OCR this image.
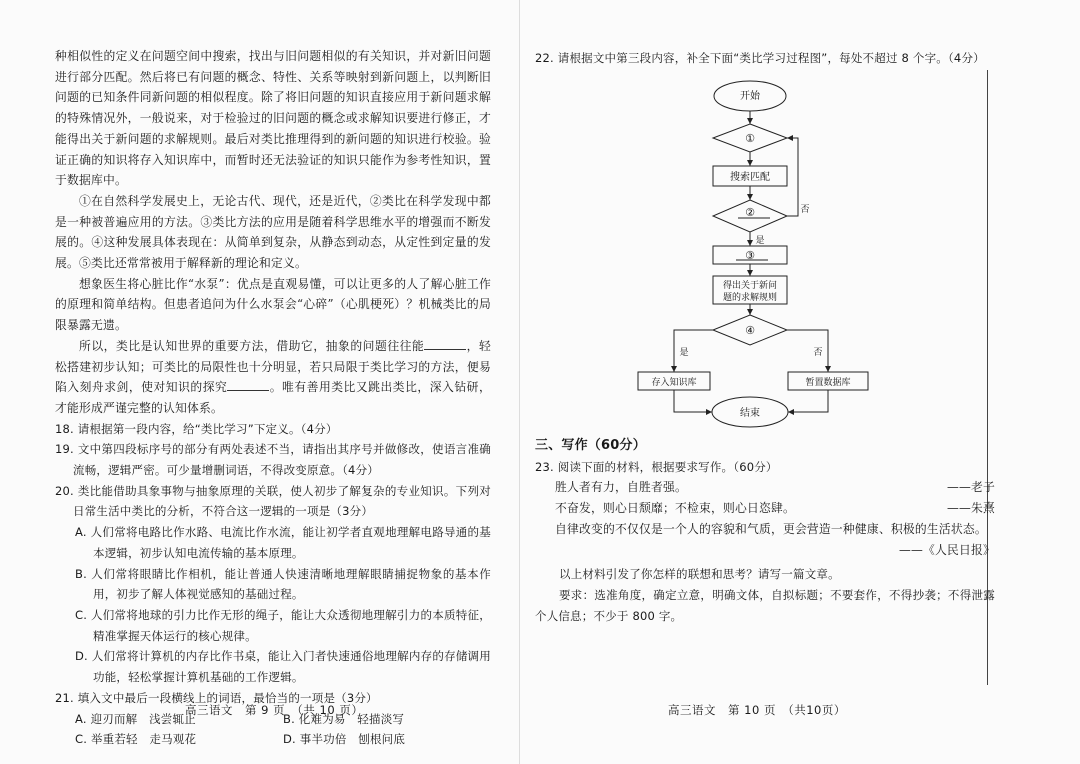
种相似性的定义在问题空间中搜索，找出与旧问题相似的有关知识，并对新旧问题进行部分匹配。然后将已有问题的概念、特性、关系等映射到新问题上，以判断旧问题的已知条件同新问题的相似程度。除了将旧问题的知识直接应用于新问题求解的特殊情况外，一般说来，对于检验过的旧问题的概念或求解知识要进行修正，才能得出关于新问题的求解规则。最后对类比推理得到的新问题的知识进行校验。验证正确的知识将存入知识库中，而暂时还无法验证的知识只能作为参考性知识，置于数据库中。

①在自然科学发展史上，无论古代、现代，还是近代，②类比在科学发现中都是一种被普遍应用的方法。③类比方法的应用是随着科学思维水平的增强而不断发展的。④这种发展具体表现在：从简单到复杂，从静态到动态，从定性到定量的发展。⑤类比还常常被用于解释新的理论和定义。

想象医生将心脏比作“水泵”：优点是直观易懂，可以让更多的人了解心脏工作的原理和简单结构。但患者追问为什么水泵会“心碎”（心肌梗死）？机械类比的局限暴露无遗。

所以，类比是认知世界的重要方法，借助它，抽象的问题往往能	，轻松搭建初步认知；可类比的局限性也十分明显，若只局限于类比学习的方法，便易陷入刻舟求剑，使对知识的探究	。唯有善用类比又跳出类比，深入钻研，才能形成严谨完整的认知体系。

18. 请根据第一段内容，给“类比学习”下定义。（4分）

19. 文中第四段标序号的部分有两处表述不当，请指出其序号并做修改，使语言准确流畅，逻辑严密。可少量增删词语，不得改变原意。（4分）

20. 类比能借助具象事物与抽象原理的关联，使人初步了解复杂的专业知识。下列对日常生活中类比的分析，不符合这一逻辑的一项是（3分）

A. 人们常将电路比作水路、电流比作水流，能让初学者直观地理解电路导通的基本逻辑，初步认知电流传输的基本原理。

B. 人们常将眼睛比作相机，能让普通人快速清晰地理解眼睛捕捉物象的基本作用，初步了解人体视觉感知的基础过程。

C. 人们常将地球的引力比作无形的绳子，能让大众透彻地理解引力的本质特征，精准掌握天体运行的核心规律。

D. 人们常将计算机的内存比作书桌，能让入门者快速通俗地理解内存的存储调用功能，轻松掌握计算机基础的工作逻辑。

21. 填入文中最后一段横线上的词语，最恰当的一项是（3分）

A. 迎刃而解　浅尝辄止	B. 化难为易　轻描淡写
C. 举重若轻　走马观花	D. 事半功倍　刨根问底
高三语文　第 9 页　（共 10 页）
22. 请根据文中第三段内容，补全下面“类比学习过程图”，每处不超过 8 个字。（4分）
开始
①
搜索匹配
②	否
是
③
得出关于新问
题的求解规则
④
是	否
存入知识库	暂置数据库
结束
三、写作（60分）

23. 阅读下面的材料，根据要求写作。（60分）

胜人者有力，自胜者强。	——老子
不奋发，则心日颓靡；不检束，则心日恣肆。	——朱熹
自律改变的不仅仅是一个人的容貌和气质，更会营造一种健康、积极的生活状态。
——《人民日报》

以上材料引发了你怎样的联想和思考？请写一篇文章。

要求：选准角度，确定立意，明确文体，自拟标题；不要套作，不得抄袭；不得泄露个人信息；不少于 800 字。

高三语文　第 10 页　（共10页）
